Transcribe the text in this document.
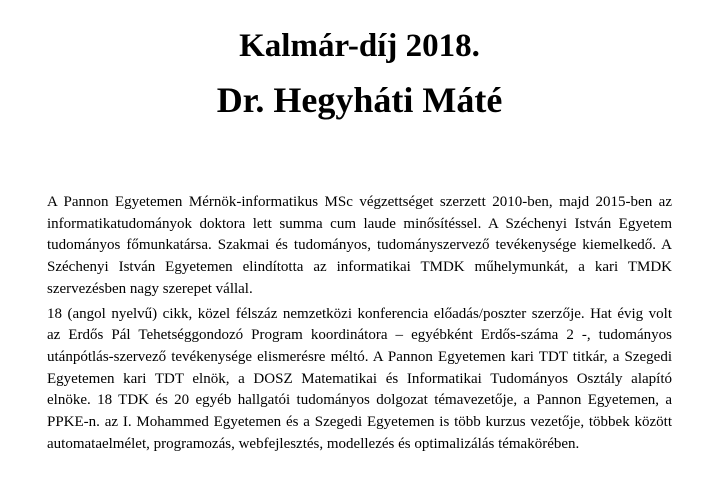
Kalmár-díj 2018.
Dr. Hegyháti Máté
A Pannon Egyetemen Mérnök-informatikus MSc végzettséget szerzett 2010-ben, majd 2015-ben az
informatikatudományok doktora lett summa cum laude minősítéssel. A Széchenyi István Egyetem
tudományos főmunkatársa. Szakmai és tudományos, tudományszervező tevékenysége kiemelkedő. A
Széchenyi István Egyetemen elindította az informatikai TMDK műhelymunkát, a kari TMDK
szervezésben nagy szerepet vállal.
18 (angol nyelvű) cikk, közel félszáz nemzetközi konferencia előadás/poszter szerzője. Hat évig volt
az Erdős Pál Tehetséggondozó Program koordinátora – egyébként Erdős-száma 2 -, tudományos
utánpótlás-szervező tevékenysége elismerésre méltó. A Pannon Egyetemen kari TDT titkár, a Szegedi
Egyetemen kari TDT elnök, a DOSZ Matematikai és Informatikai Tudományos Osztály alapító
elnöke. 18 TDK és 20 egyéb hallgatói tudományos dolgozat témavezetője, a Pannon Egyetemen, a
PPKE-n. az I. Mohammed Egyetemen és a Szegedi Egyetemen is több kurzus vezetője, többek között
automataelmélet, programozás, webfejlesztés, modellezés és optimalizálás témakörében.
